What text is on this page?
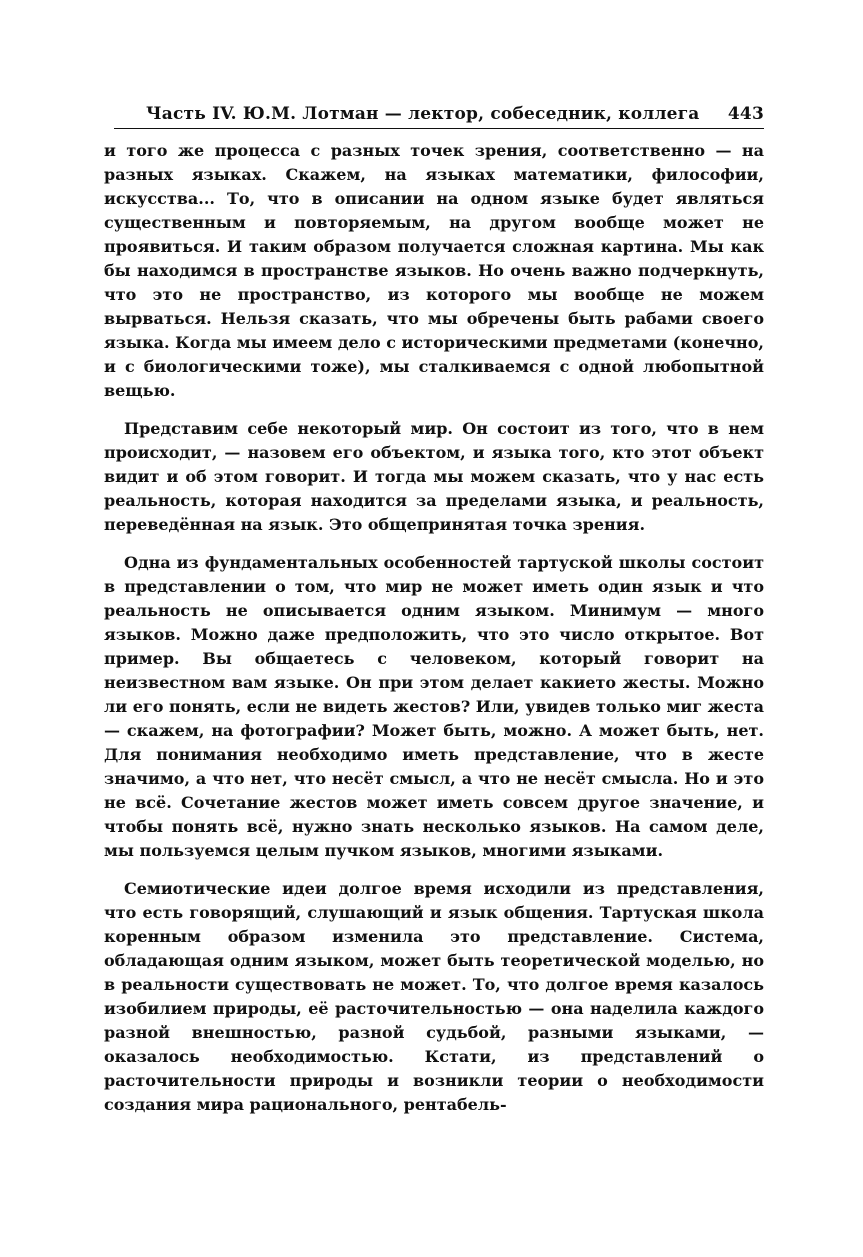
Часть IV. Ю.М. Лотман — лектор, собеседник, коллега 443

и того же процесса с разных точек зрения, соответственно — на разных языках. Скажем, на языках математики, философии, искусства... То, что в описании на одном языке будет являться существенным и повторяемым, на другом вообще может не проявиться. И таким образом получается сложная картина. Мы как бы находимся в пространстве языков. Но очень важно подчеркнуть, что это не пространство, из которого мы вообще не можем вырваться. Нельзя сказать, что мы обречены быть рабами своего языка. Когда мы имеем дело с историческими предметами (конечно, и с биологическими тоже), мы сталкиваемся с одной любопытной вещью.

Представим себе некоторый мир. Он состоит из того, что в нем происходит, — назовем его объектом, и языка того, кто этот объект видит и об этом говорит. И тогда мы можем сказать, что у нас есть реальность, которая находится за пределами языка, и реальность, переведённая на язык. Это общепринятая точка зрения.

Одна из фундаментальных особенностей тартуской школы состоит в представлении о том, что мир не может иметь один язык и что реальность не описывается одним языком. Минимум — много языков. Можно даже предположить, что это число открытое. Вот пример. Вы общаетесь с человеком, который говорит на неизвестном вам языке. Он при этом делает какието жесты. Можно ли его понять, если не видеть жестов? Или, увидев только миг жеста — скажем, на фотографии? Может быть, можно. А может быть, нет. Для понимания необходимо иметь представление, что в жесте значимо, а что нет, что несёт смысл, а что не несёт смысла. Но и это не всё. Сочетание жестов может иметь совсем другое значение, и чтобы понять всё, нужно знать несколько языков. На самом деле, мы пользуемся целым пучком языков, многими языками.

Семиотические идеи долгое время исходили из представления, что есть говорящий, слушающий и язык общения. Тартуская школа коренным образом изменила это представление. Система, обладающая одним языком, может быть теоретической моделью, но в реальности существовать не может. То, что долгое время казалось изобилием природы, её расточительностью — она наделила каждого разной внешностью, разной судьбой, разными языками, — оказалось необходимостью. Кстати, из представлений о расточительности природы и возникли теории о необходимости создания мира рационального, рентабель-
